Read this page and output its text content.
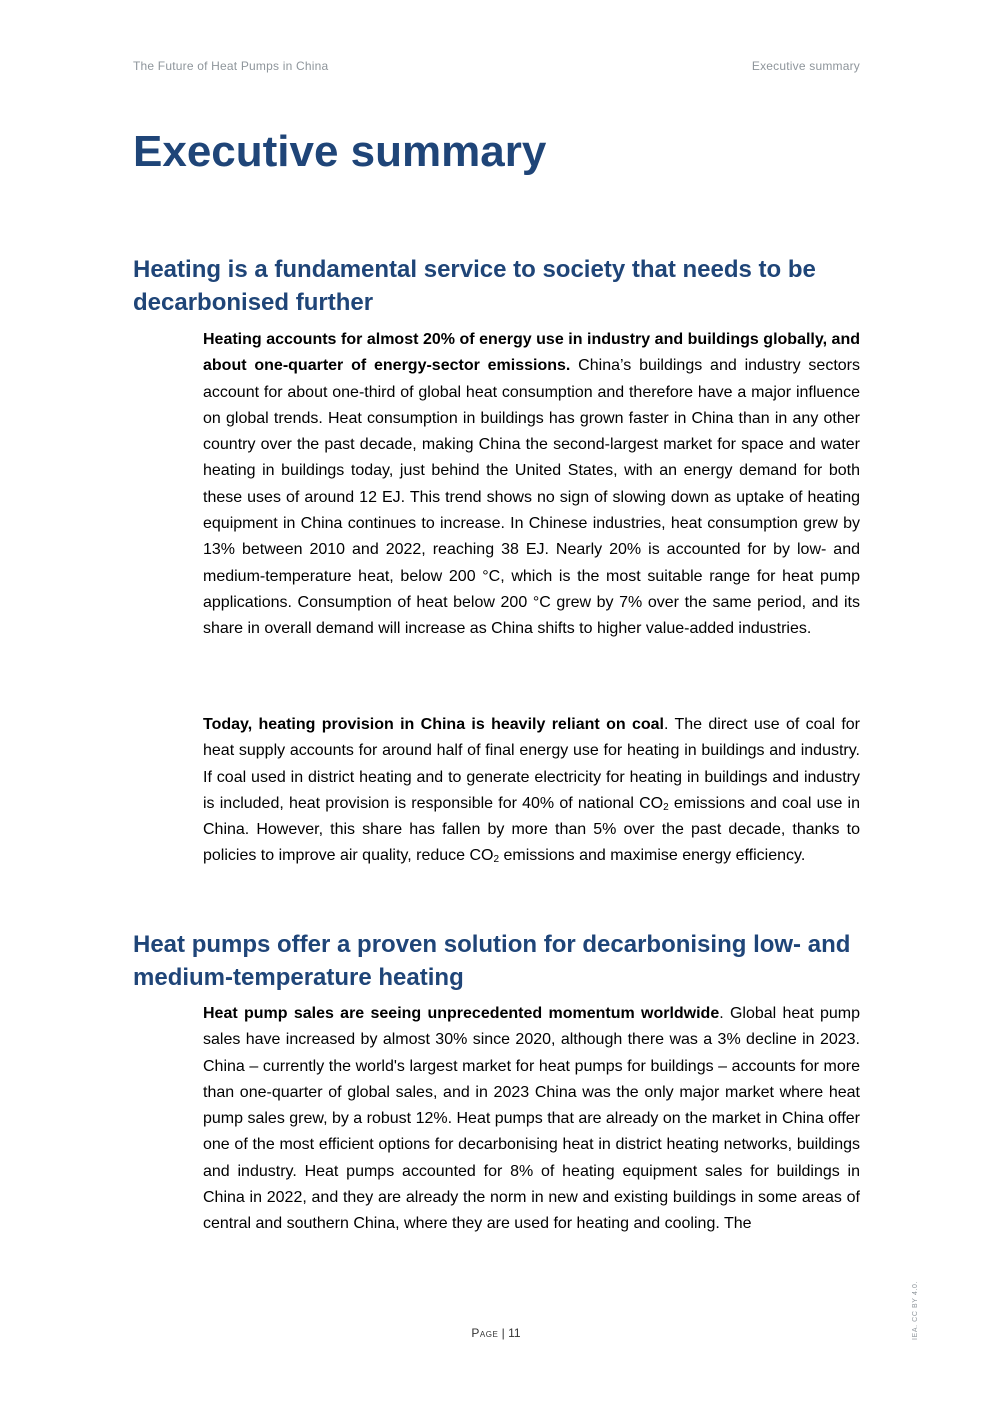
The Future of Heat Pumps in China	Executive summary
Executive summary
Heating is a fundamental service to society that needs to be decarbonised further

Heating accounts for almost 20% of energy use in industry and buildings globally, and about one-quarter of energy-sector emissions. China’s buildings and industry sectors account for about one-third of global heat consumption and therefore have a major influence on global trends. Heat consumption in buildings has grown faster in China than in any other country over the past decade, making China the second-largest market for space and water heating in buildings today, just behind the United States, with an energy demand for both these uses of around 12 EJ. This trend shows no sign of slowing down as uptake of heating equipment in China continues to increase. In Chinese industries, heat consumption grew by 13% between 2010 and 2022, reaching 38 EJ. Nearly 20% is accounted for by low- and medium-temperature heat, below 200 °C, which is the most suitable range for heat pump applications. Consumption of heat below 200 °C grew by 7% over the same period, and its share in overall demand will increase as China shifts to higher value-added industries.

Today, heating provision in China is heavily reliant on coal. The direct use of coal for heat supply accounts for around half of final energy use for heating in buildings and industry. If coal used in district heating and to generate electricity for heating in buildings and industry is included, heat provision is responsible for 40% of national $CO_2$ emissions and coal use in China. However, this share has fallen by more than 5% over the past decade, thanks to policies to improve air quality, reduce $CO_2$ emissions and maximise energy efficiency.

Heat pumps offer a proven solution for decarbonising low- and medium-temperature heating

Heat pump sales are seeing unprecedented momentum worldwide. Global heat pump sales have increased by almost 30% since 2020, although there was a 3% decline in 2023. China – currently the world's largest market for heat pumps for buildings – accounts for more than one-quarter of global sales, and in 2023 China was the only major market where heat pump sales grew, by a robust 12%. Heat pumps that are already on the market in China offer one of the most efficient options for decarbonising heat in district heating networks, buildings and industry. Heat pumps accounted for 8% of heating equipment sales for buildings in China in 2022, and they are already the norm in new and existing buildings in some areas of central and southern China, where they are used for heating and cooling. The

Page | 11	IEA. CC BY 4.0.
